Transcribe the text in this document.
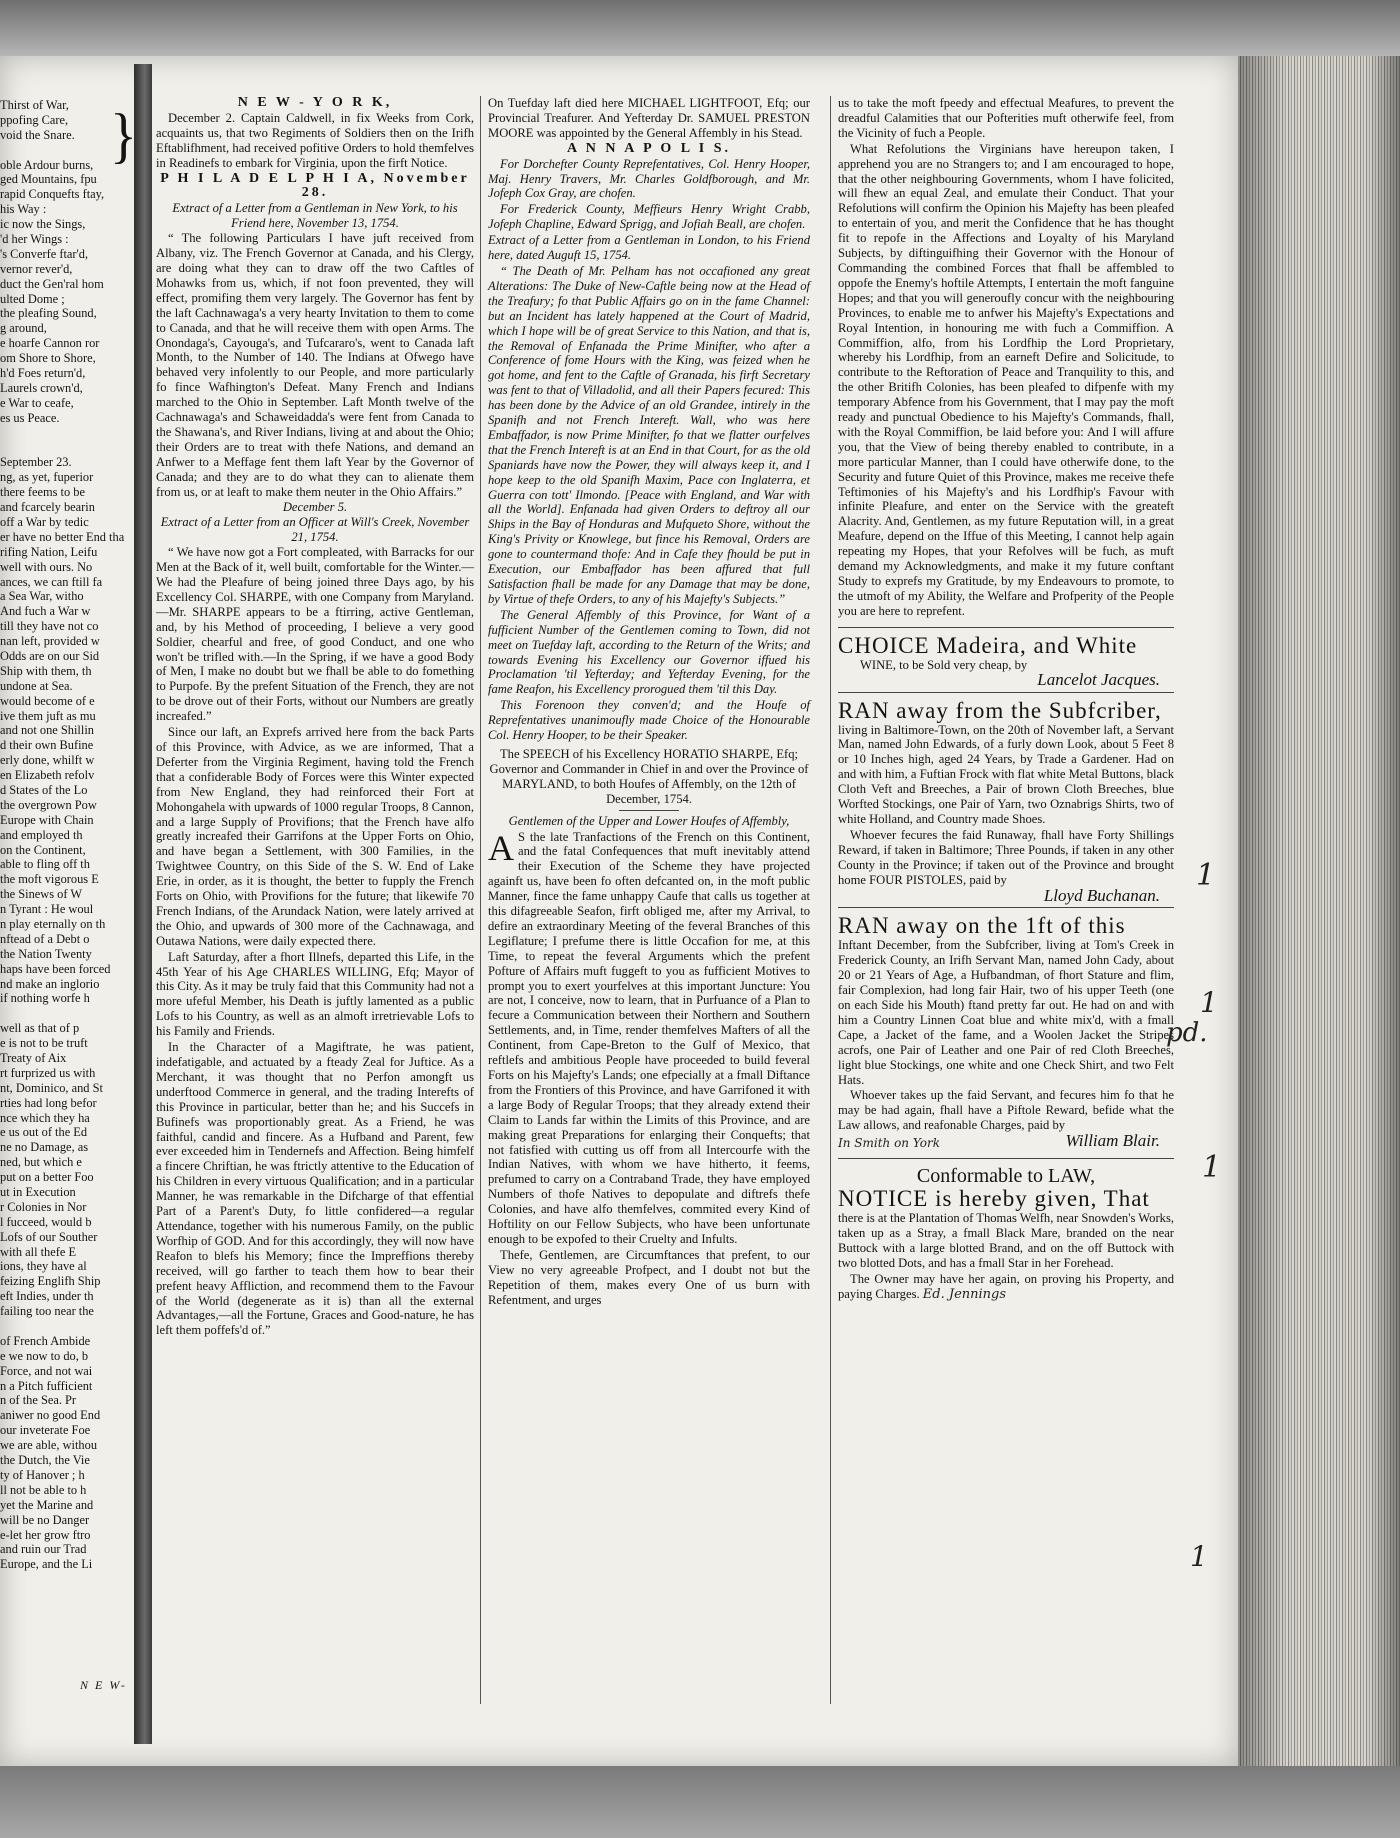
Thirst of War,
ppofing Care,
void the Snare.
oble Ardour burns,
ged Mountains, fpu
rapid Conquefts ftay,
his Way :
ic now the Sings,
'd her Wings :
's Converfe ftar'd,
vernor rever'd,
duct the Gen'ral hom
ulted Dome ;
the pleafing Sound,
g around,
e hoarfe Cannon ror
om Shore to Shore,
h'd Foes return'd,
Laurels crown'd,
e War to ceafe,
es us Peace.
September 23.
ng, as yet, fuperior
there feems to be
and fcarcely bearin
off a War by tedic
er have no better End tha
rifing Nation, Leifu
well with ours. No
ances, we can ftill fa
a Sea War, witho
And fuch a War w
till they have not co
nan left, provided w
Odds are on our Sid
Ship with them, th
undone at Sea.
would become of e
ive them juft as mu
and not one Shillin
d their own Bufine
erly done, whilft w
en Elizabeth refolv
d States of the Lo
the overgrown Pow
Europe with Chain
and employed th
on the Continent,
able to fling off th
the moft vigorous E
the Sinews of W
n Tyrant : He woul
n play eternally on th
nftead of a Debt o
the Nation Twenty
haps have been forced
nd make an inglorio
if nothing worfe h
well as that of p
e is not to be truft
Treaty of Aix
rt furprized us with
nt, Dominico, and St
rties had long befor
nce which they ha
e us out of the Ed
ne no Damage, as
ned, but which e
put on a better Foo
ut in Execution
r Colonies in Nor
l fucceed, would b
Lofs of our Souther
with all thefe E
ions, they have al
feizing Englifh Ship
eft Indies, under th
failing too near the
of French Ambide
e we now to do, b
Force, and not wai
n a Pitch fufficient
n of the Sea. Pr
aniwer no good End
our inveterate Foe
we are able, withou
the Dutch, the Vie
ty of Hanover ; h
ll not be able to h
yet the Marine and
will be no Danger
e-let her grow ftro
and ruin our Trad
Europe, and the Li
N E W-
N E W - Y O R K,

December 2. Captain Caldwell, in fix Weeks from Cork, acquaints us, that two Regiments of Soldiers then on the Irifh Eftablifhment, had received pofitive Orders to hold themfelves in Readinefs to embark for Virginia, upon the firft Notice.

P H I L A D E L P H I A, November 28.
Extract of a Letter from a Gentleman in New York, to his Friend here, November 13, 1754.

“ The following Particulars I have juft received from Albany, viz. The French Governor at Canada, and his Clergy, are doing what they can to draw off the two Caftles of Mohawks from us, which, if not foon prevented, they will effect, promifing them very largely. The Governor has fent by the laft Cachnawaga's a very hearty Invitation to them to come to Canada, and that he will receive them with open Arms. The Onondaga's, Cayouga's, and Tufcararo's, went to Canada laft Month, to the Number of 140. The Indians at Ofwego have behaved very infolently to our People, and more particularly fo fince Wafhington's Defeat. Many French and Indians marched to the Ohio in September. Laft Month twelve of the Cachnawaga's and Schaweidadda's were fent from Canada to the Shawana's, and River Indians, living at and about the Ohio; their Orders are to treat with thefe Nations, and demand an Anfwer to a Meffage fent them laft Year by the Governor of Canada; and they are to do what they can to alienate them from us, or at leaft to make them neuter in the Ohio Affairs.”

December 5.
Extract of a Letter from an Officer at Will's Creek, November 21, 1754.

“ We have now got a Fort compleated, with Barracks for our Men at the Back of it, well built, comfortable for the Winter.—We had the Pleafure of being joined three Days ago, by his Excellency Col. SHARPE, with one Company from Maryland.—Mr. SHARPE appears to be a ftirring, active Gentleman, and, by his Method of proceeding, I believe a very good Soldier, chearful and free, of good Conduct, and one who won't be trifled with.—In the Spring, if we have a good Body of Men, I make no doubt but we fhall be able to do fomething to Purpofe. By the prefent Situation of the French, they are not to be drove out of their Forts, without our Numbers are greatly increafed.”

Since our laft, an Exprefs arrived here from the back Parts of this Province, with Advice, as we are informed, That a Deferter from the Virginia Regiment, having told the French that a confiderable Body of Forces were this Winter expected from New England, they had reinforced their Fort at Mohongahela with upwards of 1000 regular Troops, 8 Cannon, and a large Supply of Provifions; that the French have alfo greatly increafed their Garrifons at the Upper Forts on Ohio, and have began a Settlement, with 300 Families, in the Twightwee Country, on this Side of the S. W. End of Lake Erie, in order, as it is thought, the better to fupply the French Forts on Ohio, with Provifions for the future; that likewife 70 French Indians, of the Arundack Nation, were lately arrived at the Ohio, and upwards of 300 more of the Cachnawaga, and Outawa Nations, were daily expected there.

Laft Saturday, after a fhort Illnefs, departed this Life, in the 45th Year of his Age CHARLES WILLING, Efq; Mayor of this City. As it may be truly faid that this Community had not a more ufeful Member, his Death is juftly lamented as a public Lofs to his Country, as well as an almoft irretrievable Lofs to his Family and Friends.

In the Character of a Magiftrate, he was patient, indefatigable, and actuated by a fteady Zeal for Juftice. As a Merchant, it was thought that no Perfon amongft us underftood Commerce in general, and the trading Interefts of this Province in particular, better than he; and his Succefs in Bufinefs was proportionably great. As a Friend, he was faithful, candid and fincere. As a Hufband and Parent, few ever exceeded him in Tendernefs and Affection. Being himfelf a fincere Chriftian, he was ftrictly attentive to the Education of his Children in every virtuous Qualification; and in a particular Manner, he was remarkable in the Difcharge of that effential Part of a Parent's Duty, fo little confidered—a regular Attendance, together with his numerous Family, on the public Worfhip of GOD. And for this accordingly, they will now have Reafon to blefs his Memory; fince the Impreffions thereby received, will go farther to teach them how to bear their prefent heavy Affliction, and recommend them to the Favour of the World (degenerate as it is) than all the external Advantages,—all the Fortune, Graces and Good-nature, he has left them poffefs'd of.”

On Tuefday laft died here MICHAEL LIGHTFOOT, Efq; our Provincial Treafurer. And Yefterday Dr. SAMUEL PRESTON MOORE was appointed by the General Affembly in his Stead.

A N N A P O L I S.

For Dorchefter County Reprefentatives, Col. Henry Hooper, Maj. Henry Travers, Mr. Charles Goldfborough, and Mr. Jofeph Cox Gray, are chofen.

For Frederick County, Meffieurs Henry Wright Crabb, Jofeph Chapline, Edward Sprigg, and Jofiah Beall, are chofen.

Extract of a Letter from a Gentleman in London, to his Friend here, dated Auguft 15, 1754.

“ The Death of Mr. Pelham has not occafioned any great Alterations: The Duke of New-Caftle being now at the Head of the Treafury; fo that Public Affairs go on in the fame Channel: but an Incident has lately happened at the Court of Madrid, which I hope will be of great Service to this Nation, and that is, the Removal of Enfanada the Prime Minifter, who after a Conference of fome Hours with the King, was feized when he got home, and fent to the Caftle of Granada, his firft Secretary was fent to that of Villadolid, and all their Papers fecured: This has been done by the Advice of an old Grandee, intirely in the Spanifh and not French Intereft. Wall, who was here Embaffador, is now Prime Minifter, fo that we flatter ourfelves that the French Intereft is at an End in that Court, for as the old Spaniards have now the Power, they will always keep it, and I hope keep to the old Spanifh Maxim, Pace con Inglaterra, et Guerra con tott' Ilmondo. [Peace with England, and War with all the World]. Enfanada had given Orders to deftroy all our Ships in the Bay of Honduras and Mufqueto Shore, without the King's Privity or Knowlege, but fince his Removal, Orders are gone to countermand thofe: And in Cafe they fhould be put in Execution, our Embaffador has been affured that full Satisfaction fhall be made for any Damage that may be done, by Virtue of thefe Orders, to any of his Majefty's Subjects.”

The General Affembly of this Province, for Want of a fufficient Number of the Gentlemen coming to Town, did not meet on Tuefday laft, according to the Return of the Writs; and towards Evening his Excellency our Governor iffued his Proclamation 'til Yefterday; and Yefterday Evening, for the fame Reafon, his Excellency prorogued them 'til this Day.

This Forenoon they conven'd; and the Houfe of Reprefentatives unanimoufly made Choice of the Honourable Col. Henry Hooper, to be their Speaker.

The SPEECH of his Excellency HORATIO SHARPE, Efq; Governor and Commander in Chief in and over the Province of MARYLAND, to both Houfes of Affembly, on the 12th of December, 1754.

Gentlemen of the Upper and Lower Houfes of Affembly,

A S the late Tranfactions of the French on this Continent, and the fatal Confequences that muft inevitably attend their Execution of the Scheme they have projected againft us, have been fo often defcanted on, in the moft public Manner, fince the fame unhappy Caufe that calls us together at this difagreeable Seafon, firft obliged me, after my Arrival, to defire an extraordinary Meeting of the feveral Branches of this Legiflature; I prefume there is little Occafion for me, at this Time, to repeat the feveral Arguments which the prefent Pofture of Affairs muft fuggeft to you as fufficient Motives to prompt you to exert yourfelves at this important Juncture: You are not, I conceive, now to learn, that in Purfuance of a Plan to fecure a Communication between their Northern and Southern Settlements, and, in Time, render themfelves Mafters of all the Continent, from Cape-Breton to the Gulf of Mexico, that reftlefs and ambitious People have proceeded to build feveral Forts on his Majefty's Lands; one efpecially at a fmall Diftance from the Frontiers of this Province, and have Garrifoned it with a large Body of Regular Troops; that they already extend their Claim to Lands far within the Limits of this Province, and are making great Preparations for enlarging their Conquefts; that not fatisfied with cutting us off from all Intercourfe with the Indian Natives, with whom we have hitherto, it feems, prefumed to carry on a Contraband Trade, they have employed Numbers of thofe Natives to depopulate and diftrefs thefe Colonies, and have alfo themfelves, commited every Kind of Hoftility on our Fellow Subjects, who have been unfortunate enough to be expofed to their Cruelty and Infults.

Thefe, Gentlemen, are Circumftances that prefent, to our View no very agreeable Profpect, and I doubt not but the Repetition of them, makes every One of us burn with Refentment, and urges

us to take the moft fpeedy and effectual Meafures, to prevent the dreadful Calamities that our Pofterities muft otherwife feel, from the Vicinity of fuch a People.

What Refolutions the Virginians have hereupon taken, I apprehend you are no Strangers to; and I am encouraged to hope, that the other neighbouring Governments, whom I have folicited, will fhew an equal Zeal, and emulate their Conduct. That your Refolutions will confirm the Opinion his Majefty has been pleafed to entertain of you, and merit the Confidence that he has thought fit to repofe in the Affections and Loyalty of his Maryland Subjects, by diftinguifhing their Governor with the Honour of Commanding the combined Forces that fhall be affembled to oppofe the Enemy's hoftile Attempts, I entertain the moft fanguine Hopes; and that you will generoufly concur with the neighbouring Provinces, to enable me to anfwer his Majefty's Expectations and Royal Intention, in honouring me with fuch a Commiffion. A Commiffion, alfo, from his Lordfhip the Lord Proprietary, whereby his Lordfhip, from an earneft Defire and Solicitude, to contribute to the Reftoration of Peace and Tranquility to this, and the other Britifh Colonies, has been pleafed to difpenfe with my temporary Abfence from his Government, that I may pay the moft ready and punctual Obedience to his Majefty's Commands, fhall, with the Royal Commiffion, be laid before you: And I will affure you, that the View of being thereby enabled to contribute, in a more particular Manner, than I could have otherwife done, to the Security and future Quiet of this Province, makes me receive thefe Teftimonies of his Majefty's and his Lordfhip's Favour with infinite Pleafure, and enter on the Service with the greateft Alacrity. And, Gentlemen, as my future Reputation will, in a great Meafure, depend on the Iffue of this Meeting, I cannot help again repeating my Hopes, that your Refolves will be fuch, as muft demand my Acknowledgments, and make it my future conftant Study to exprefs my Gratitude, by my Endeavours to promote, to the utmoft of my Ability, the Welfare and Profperity of the People you are here to reprefent.

CHOICE Madeira, and White
WINE, to be Sold very cheap, by
Lancelot Jacques.
RAN away from the Subfcriber,

living in Baltimore-Town, on the 20th of November laft, a Servant Man, named John Edwards, of a furly down Look, about 5 Feet 8 or 10 Inches high, aged 24 Years, by Trade a Gardener. Had on and with him, a Fuftian Frock with flat white Metal Buttons, black Cloth Veft and Breeches, a Pair of brown Cloth Breeches, blue Worfted Stockings, one Pair of Yarn, two Oznabrigs Shirts, two of white Holland, and Country made Shoes.

Whoever fecures the faid Runaway, fhall have Forty Shillings Reward, if taken in Baltimore; Three Pounds, if taken in any other County in the Province; if taken out of the Province and brought home FOUR PISTOLES, paid by

Lloyd Buchanan.
RAN away on the 1ft of this

Inftant December, from the Subfcriber, living at Tom's Creek in Frederick County, an Irifh Servant Man, named John Cady, about 20 or 21 Years of Age, a Hufbandman, of fhort Stature and flim, fair Complexion, had long fair Hair, two of his upper Teeth (one on each Side his Mouth) ftand pretty far out. He had on and with him a Country Linnen Coat blue and white mix'd, with a fmall Cape, a Jacket of the fame, and a Woolen Jacket the Stripes acrofs, one Pair of Leather and one Pair of red Cloth Breeches, light blue Stockings, one white and one Check Shirt, and two Felt Hats.

Whoever takes up the faid Servant, and fecures him fo that he may be had again, fhall have a Piftole Reward, befide what the Law allows, and reafonable Charges, paid by

In Smith on York	William Blair.
Conformable to LAW,
NOTICE is hereby given, That

there is at the Plantation of Thomas Welfh, near Snowden's Works, taken up as a Stray, a fmall Black Mare, branded on the near Buttock with a large blotted Brand, and on the off Buttock with two blotted Dots, and has a fmall Star in her Forehead.

The Owner may have her again, on proving his Property, and paying Charges. Ed. Jennings

1
1
1
pd.
1
}
